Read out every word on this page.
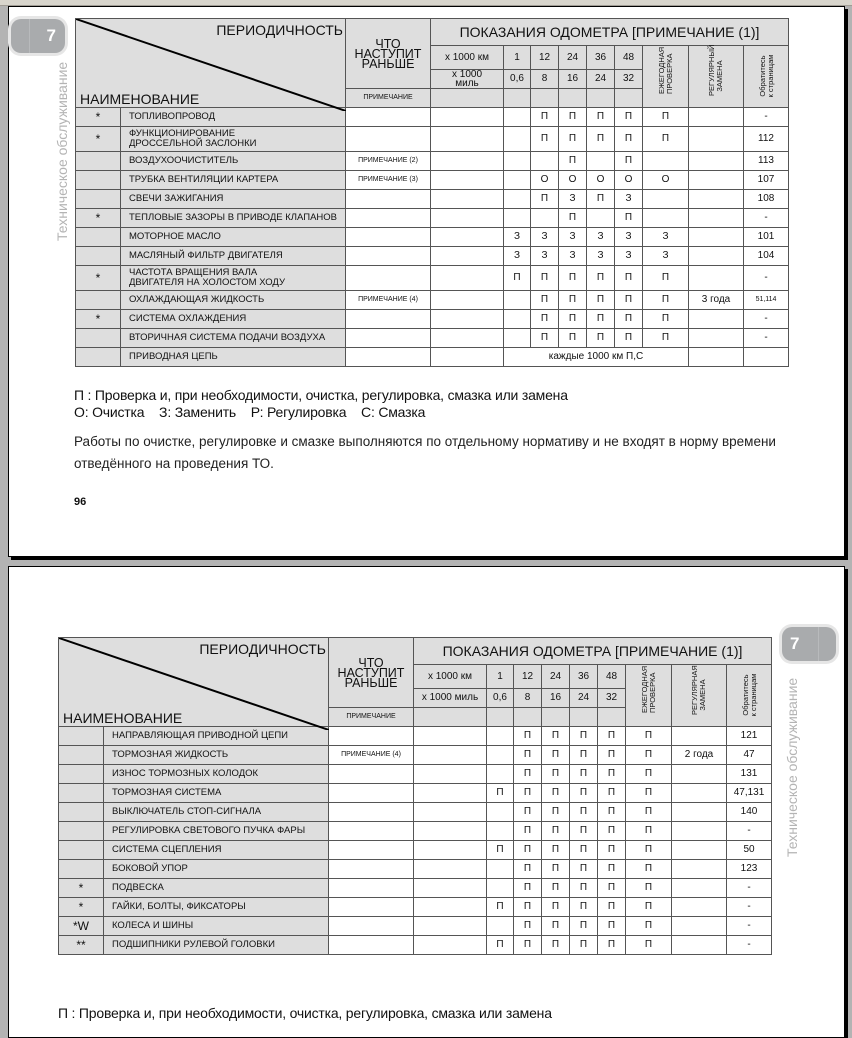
7
Техническое обслуживание
ПЕРИОДИЧНОСТЬ
НАИМЕНОВАНИЕ		ЧТО НАСТУПИТ РАНЬШЕ	ПОКАЗАНИЯ ОДОМЕТРА [ПРИМЕЧАНИЕ (1)]								
			x 1000 км	1	12	24	36	48	ЕЖЕГОДНАЯ ПРОВЕРКА	РЕГУЛЯРНЫЙ ЗАМЕНА	Обратитесь к страницам
			x 1000 миль	0,6	8	16	24	32			
		ПРИМЕЧАНИЕ									
*	ТОПЛИВОПРОВОД				П	П	П	П	П		-
*	ФУНКЦИОНИРОВАНИЕ ДРОССЕЛЬНОЙ ЗАСЛОНКИ				П	П	П	П	П		112
	ВОЗДУХООЧИСТИТЕЛЬ	ПРИМЕЧАНИЕ (2)				П		П			113
	ТРУБКА ВЕНТИЛЯЦИИ КАРТЕРА	ПРИМЕЧАНИЕ (3)			О	О	О	О	О		107
	СВЕЧИ ЗАЖИГАНИЯ				П	З	П	З			108
*	ТЕПЛОВЫЕ ЗАЗОРЫ В ПРИВОДЕ КЛАПАНОВ					П		П			-
	МОТОРНОЕ МАСЛО			З	З	З	З	З	З		101
	МАСЛЯНЫЙ ФИЛЬТР ДВИГАТЕЛЯ			З	З	З	З	З	З		104
*	ЧАСТОТА ВРАЩЕНИЯ ВАЛА ДВИГАТЕЛЯ НА ХОЛОСТОМ ХОДУ			П	П	П	П	П	П		-
	ОХЛАЖДАЮЩАЯ ЖИДКОСТЬ	ПРИМЕЧАНИЕ (4)			П	П	П	П	П	3 года	51,114
*	СИСТЕМА ОХЛАЖДЕНИЯ				П	П	П	П	П		-
	ВТОРИЧНАЯ СИСТЕМА ПОДАЧИ ВОЗДУХА				П	П	П	П	П		-
	ПРИВОДНАЯ ЦЕПЬ			каждые 1000 км П,С							
П : Проверка и, при необходимости, очистка, регулировка, смазка или замена
О: Очистка    З: Заменить    Р: Регулировка    С: Смазка
Работы по очистке, регулировке и смазке выполняются по отдельному нормативу и не входят в норму времени отведённого на проведения ТО.
96
7
Техническое обслуживание
ПЕРИОДИЧНОСТЬ
НАИМЕНОВАНИЕ		ЧТО НАСТУПИТ РАНЬШЕ	ПОКАЗАНИЯ ОДОМЕТРА [ПРИМЕЧАНИЕ (1)]								
			x 1000 км	1	12	24	36	48	ЕЖЕГОДНАЯ ПРОВЕРКА	РЕГУЛЯРНАЯ ЗАМЕНА	Обратитесь к страницам
			x 1000 миль	0,6	8	16	24	32			
		ПРИМЕЧАНИЕ									
	НАПРАВЛЯЮЩАЯ ПРИВОДНОЙ ЦЕПИ				П	П	П	П	П		121
	ТОРМОЗНАЯ ЖИДКОСТЬ	ПРИМЕЧАНИЕ (4)			П	П	П	П	П	2 года	47
	ИЗНОС ТОРМОЗНЫХ КОЛОДОК				П	П	П	П	П		131
	ТОРМОЗНАЯ СИСТЕМА			П	П	П	П	П	П		47,131
	ВЫКЛЮЧАТЕЛЬ СТОП-СИГНАЛА				П	П	П	П	П		140
	РЕГУЛИРОВКА СВЕТОВОГО ПУЧКА ФАРЫ				П	П	П	П	П		-
	СИСТЕМА СЦЕПЛЕНИЯ			П	П	П	П	П	П		50
	БОКОВОЙ УПОР				П	П	П	П	П		123
*	ПОДВЕСКА				П	П	П	П	П		-
*	ГАЙКИ, БОЛТЫ, ФИКСАТОРЫ			П	П	П	П	П	П		-
*W	КОЛЕСА И ШИНЫ				П	П	П	П	П		-
**	ПОДШИПНИКИ РУЛЕВОЙ ГОЛОВКИ			П	П	П	П	П	П		-
П : Проверка и, при необходимости, очистка, регулировка, смазка или замена
